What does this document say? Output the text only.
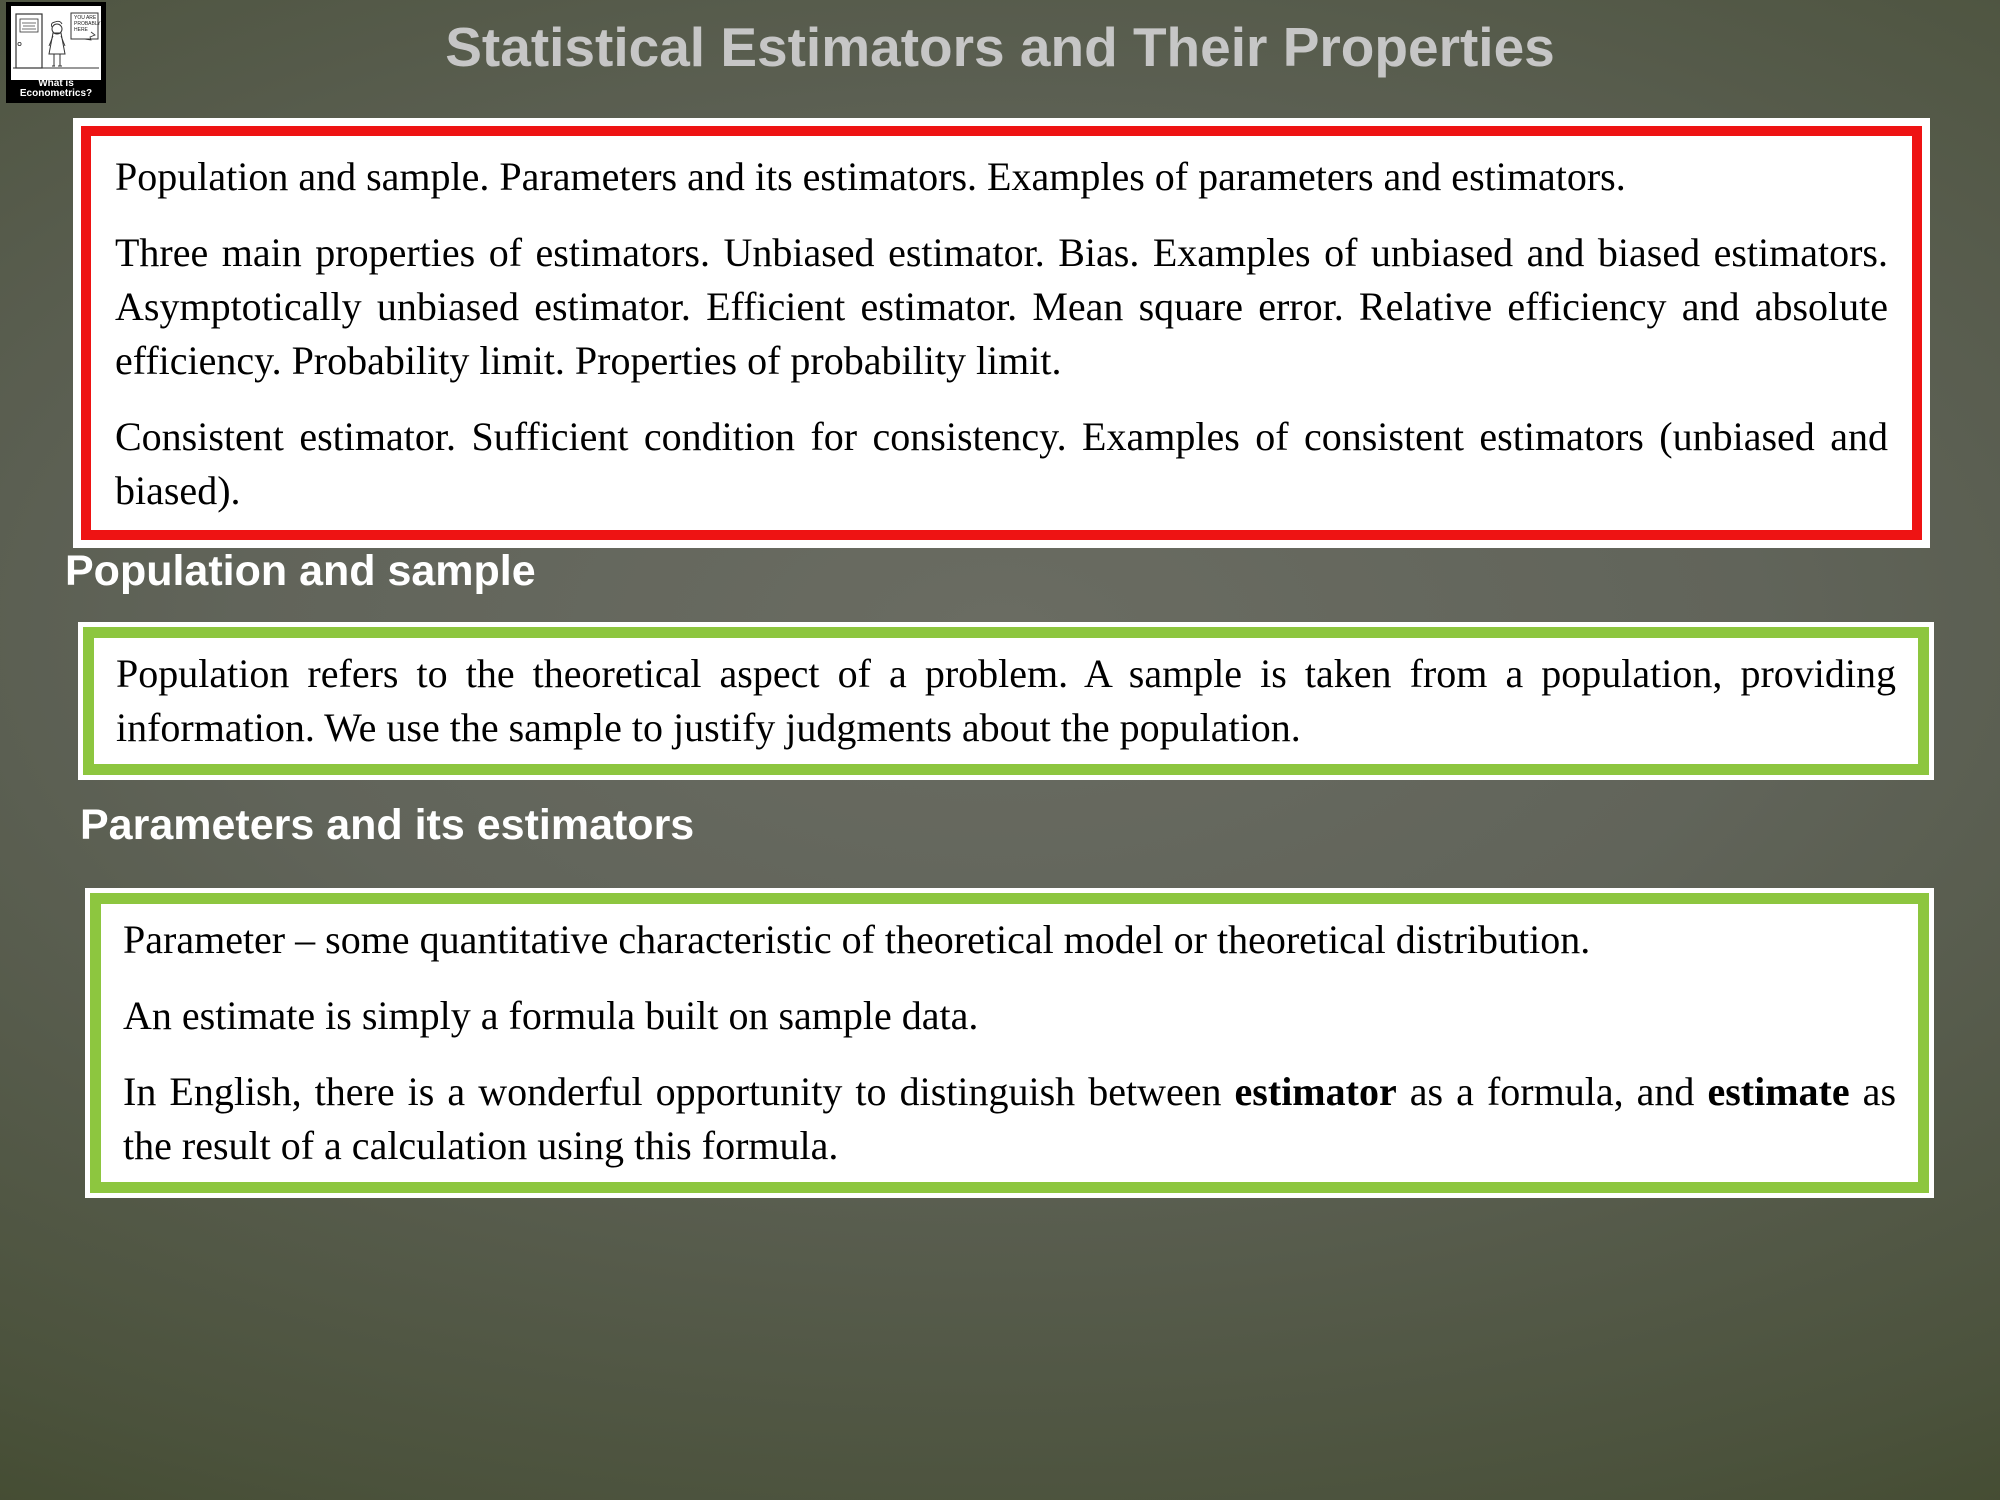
YOU ARE
PROBABLY
HERE
What is Econometrics?
Statistical Estimators and Their Properties

Population and sample. Parameters and its estimators. Examples of parameters and estimators.

Three main properties of estimators. Unbiased estimator. Bias. Examples of unbiased and biased estimators. Asymptotically unbiased estimator. Efficient estimator. Mean square error. Relative efficiency and absolute efficiency. Probability limit. Properties of probability limit.

Consistent estimator. Sufficient condition for consistency. Examples of consistent estimators (unbiased and biased).

Population and sample

Population refers to the theoretical aspect of a problem. A sample is taken from a population, providing information. We use the sample to justify judgments about the population.

Parameters and its estimators

Parameter – some quantitative characteristic of theoretical model or theoretical distribution.

An estimate is simply a formula built on sample data.

In English, there is a wonderful opportunity to distinguish between estimator as a formula, and estimate as the result of a calculation using this formula.
